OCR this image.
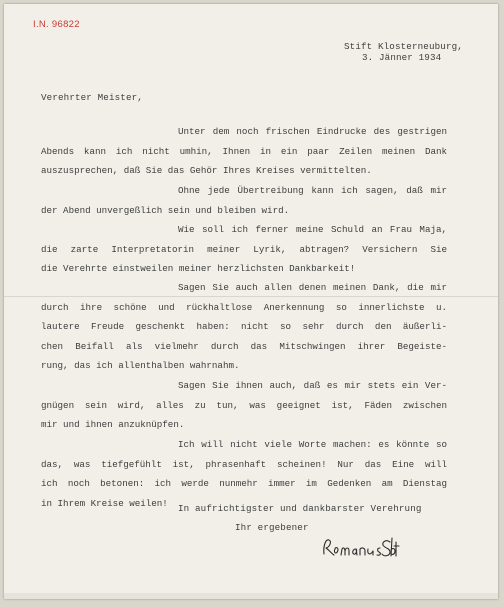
I.N. 96822
Stift Klosterneuburg,
3. Jänner 1934
Verehrter Meister,

Unter dem noch frischen Eindrucke des gestrigen

Abends kann ich nicht umhin, Ihnen in ein paar Zeilen meinen Dank

auszusprechen, daß Sie das Gehör Ihres Kreises vermittelten.

Ohne jede Übertreibung kann ich sagen, daß mir

der Abend unvergeßlich sein und bleiben wird.

Wie soll ich ferner meine Schuld an Frau Maja,

die zarte Interpretatorin meiner Lyrik, abtragen? Versichern Sie

die Verehrte einstweilen meiner herzlichsten Dankbarkeit!

Sagen Sie auch allen denen meinen Dank, die mir

durch ihre schöne und rückhaltlose Anerkennung so innerlichste u.

lautere Freude geschenkt haben: nicht so sehr durch den äußerli-

chen Beifall als vielmehr durch das Mitschwingen ihrer Begeiste-

rung, das ich allenthalben wahrnahm.

Sagen Sie ihnen auch, daß es mir stets ein Ver-

gnügen sein wird, alles zu tun, was geeignet ist, Fäden zwischen

mir und ihnen anzuknüpfen.

Ich will nicht viele Worte machen: es könnte so

das, was tiefgefühlt ist, phrasenhaft scheinen! Nur das Eine will

ich noch betonen: ich werde nunmehr immer im Gedenken am Dienstag

in Ihrem Kreise weilen!	In aufrichtigster und dankbarster Verehrung
Ihr ergebener
